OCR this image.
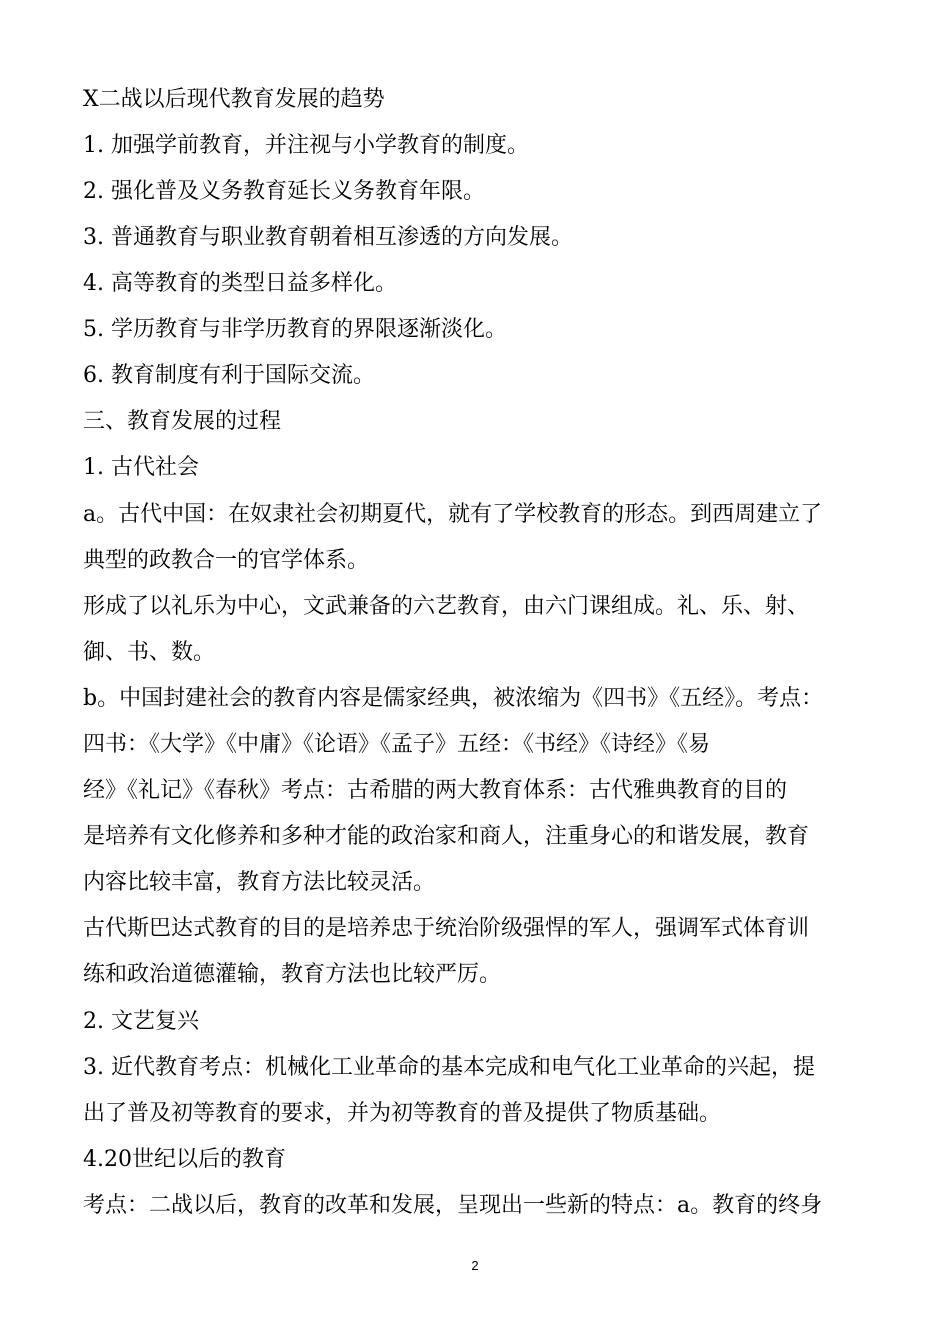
X二战以后现代教育发展的趋势
1. 加强学前教育，并注视与小学教育的制度。
2. 强化普及义务教育延长义务教育年限。
3. 普通教育与职业教育朝着相互渗透的方向发展。
4. 高等教育的类型日益多样化。
5. 学历教育与非学历教育的界限逐渐淡化。
6. 教育制度有利于国际交流。
三、教育发展的过程
1. 古代社会
a。古代中国：在奴隶社会初期夏代，就有了学校教育的形态。到西周建立了
典型的政教合一的官学体系。
形成了以礼乐为中心，文武兼备的六艺教育，由六门课组成。礼、乐、射、
御、书、数。
b。中国封建社会的教育内容是儒家经典，被浓缩为《四书》《五经》。考点：
四书：《大学》《中庸》《论语》《孟子》五经：《书经》《诗经》《易
经》《礼记》《春秋》考点：古希腊的两大教育体系：古代雅典教育的目的
是培养有文化修养和多种才能的政治家和商人，注重身心的和谐发展，教育
内容比较丰富，教育方法比较灵活。
古代斯巴达式教育的目的是培养忠于统治阶级强悍的军人，强调军式体育训
练和政治道德灌输，教育方法也比较严厉。
2. 文艺复兴
3. 近代教育考点：机械化工业革命的基本完成和电气化工业革命的兴起，提
出了普及初等教育的要求，并为初等教育的普及提供了物质基础。
4.20世纪以后的教育
考点：二战以后，教育的改革和发展，呈现出一些新的特点：a。教育的终身
2
